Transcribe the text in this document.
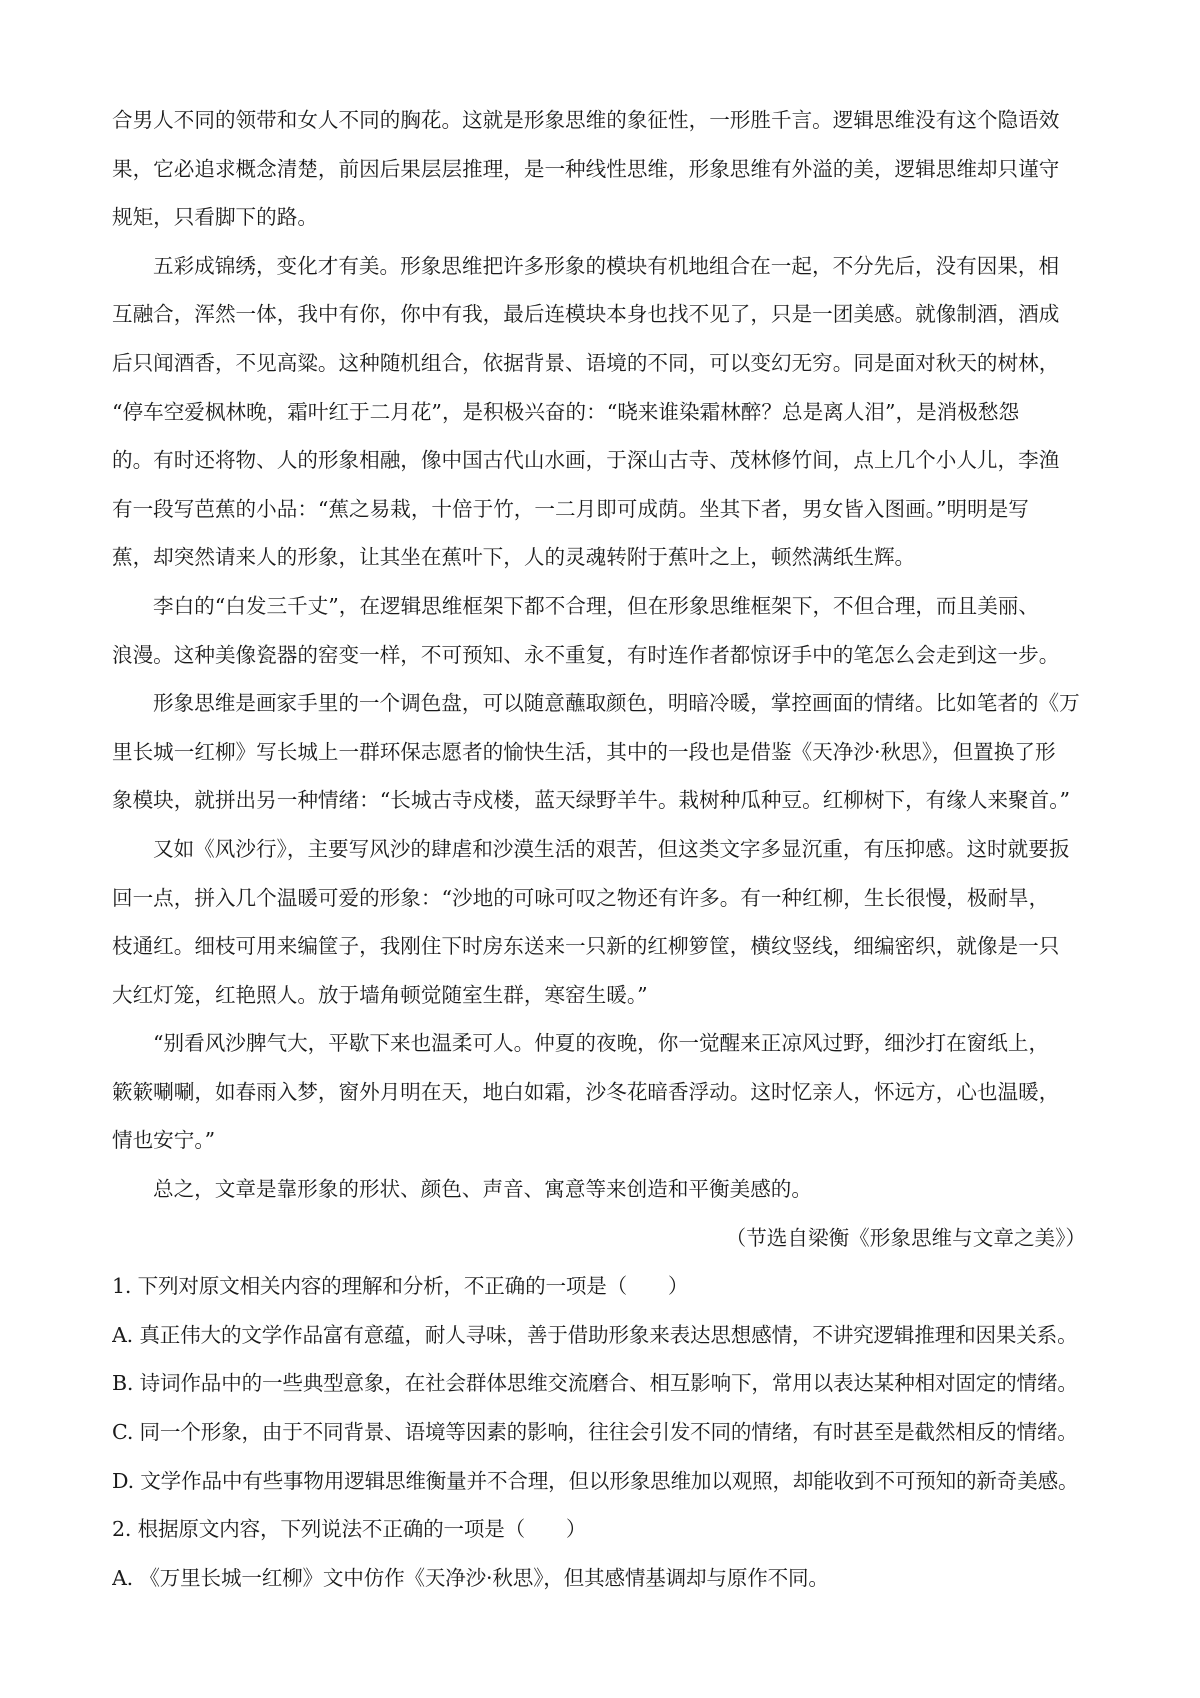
合男人不同的领带和女人不同的胸花。这就是形象思维的象征性，一形胜千言。逻辑思维没有这个隐语效
果，它必追求概念清楚，前因后果层层推理，是一种线性思维，形象思维有外溢的美，逻辑思维却只谨守
规矩，只看脚下的路。
五彩成锦绣，变化才有美。形象思维把许多形象的模块有机地组合在一起，不分先后，没有因果，相
互融合，浑然一体，我中有你，你中有我，最后连模块本身也找不见了，只是一团美感。就像制酒，酒成
后只闻酒香，不见高粱。这种随机组合，依据背景、语境的不同，可以变幻无穷。同是面对秋天的树林，
“停车空爱枫林晚，霜叶红于二月花”，是积极兴奋的：“晓来谁染霜林醉？总是离人泪”，是消极愁怨
的。有时还将物、人的形象相融，像中国古代山水画，于深山古寺、茂林修竹间，点上几个小人儿，李渔
有一段写芭蕉的小品：“蕉之易栽，十倍于竹，一二月即可成荫。坐其下者，男女皆入图画。”明明是写
蕉，却突然请来人的形象，让其坐在蕉叶下，人的灵魂转附于蕉叶之上，顿然满纸生辉。
李白的“白发三千丈”，在逻辑思维框架下都不合理，但在形象思维框架下，不但合理，而且美丽、
浪漫。这种美像瓷器的窑变一样，不可预知、永不重复，有时连作者都惊讶手中的笔怎么会走到这一步。
形象思维是画家手里的一个调色盘，可以随意蘸取颜色，明暗冷暖，掌控画面的情绪。比如笔者的《万
里长城一红柳》写长城上一群环保志愿者的愉快生活，其中的一段也是借鉴《天净沙·秋思》，但置换了形
象模块，就拼出另一种情绪：“长城古寺戍楼，蓝天绿野羊牛。栽树种瓜种豆。红柳树下，有缘人来聚首。”
又如《风沙行》，主要写风沙的肆虐和沙漠生活的艰苦，但这类文字多显沉重，有压抑感。这时就要扳
回一点，拼入几个温暖可爱的形象：“沙地的可咏可叹之物还有许多。有一种红柳，生长很慢，极耐旱，
枝通红。细枝可用来编筐子，我刚住下时房东送来一只新的红柳箩筐，横纹竖线，细编密织，就像是一只
大红灯笼，红艳照人。放于墙角顿觉随室生群，寒窑生暖。”
“别看风沙脾气大，平歇下来也温柔可人。仲夏的夜晚，你一觉醒来正凉风过野，细沙打在窗纸上，
簌簌唰唰，如春雨入梦，窗外月明在天，地白如霜，沙冬花暗香浮动。这时忆亲人，怀远方，心也温暖，
情也安宁。”
总之，文章是靠形象的形状、颜色、声音、寓意等来创造和平衡美感的。
（节选自梁衡《形象思维与文章之美》）
1. 下列对原文相关内容的理解和分析，不正确的一项是（　　）
A. 真正伟大的文学作品富有意蕴，耐人寻味，善于借助形象来表达思想感情，不讲究逻辑推理和因果关系。
B. 诗词作品中的一些典型意象，在社会群体思维交流磨合、相互影响下，常用以表达某种相对固定的情绪。
C. 同一个形象，由于不同背景、语境等因素的影响，往往会引发不同的情绪，有时甚至是截然相反的情绪。
D. 文学作品中有些事物用逻辑思维衡量并不合理，但以形象思维加以观照，却能收到不可预知的新奇美感。
2. 根据原文内容，下列说法不正确的一项是（　　）
A. 《万里长城一红柳》文中仿作《天净沙·秋思》，但其感情基调却与原作不同。
